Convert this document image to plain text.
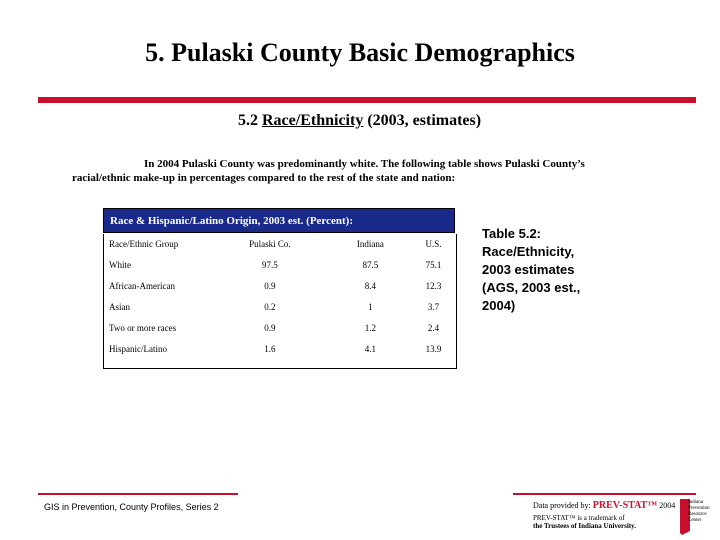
5. Pulaski County Basic Demographics
5.2 Race/Ethnicity (2003, estimates)
In 2004 Pulaski County was predominantly white. The following table shows Pulaski County’s racial/ethnic make-up in percentages compared to the rest of the state and nation:
Race & Hispanic/Latino Origin, 2003 est. (Percent):
Race/Ethnic Group	Pulaski Co.	Indiana	U.S.
White	97.5	87.5	75.1
African-American	0.9	8.4	12.3
Asian	0.2	1	3.7
Two or more races	0.9	1.2	2.4
Hispanic/Latino	1.6	4.1	13.9
Table 5.2: Race/Ethnicity, 2003 estimates (AGS, 2003 est., 2004)
GIS in Prevention, County Profiles, Series 2	Data provided by: PREV-STAT™ 2004
PREV-STAT™ is a trademark of
the Trustees of Indiana University.
Indiana
Prevention
Resource
Center
